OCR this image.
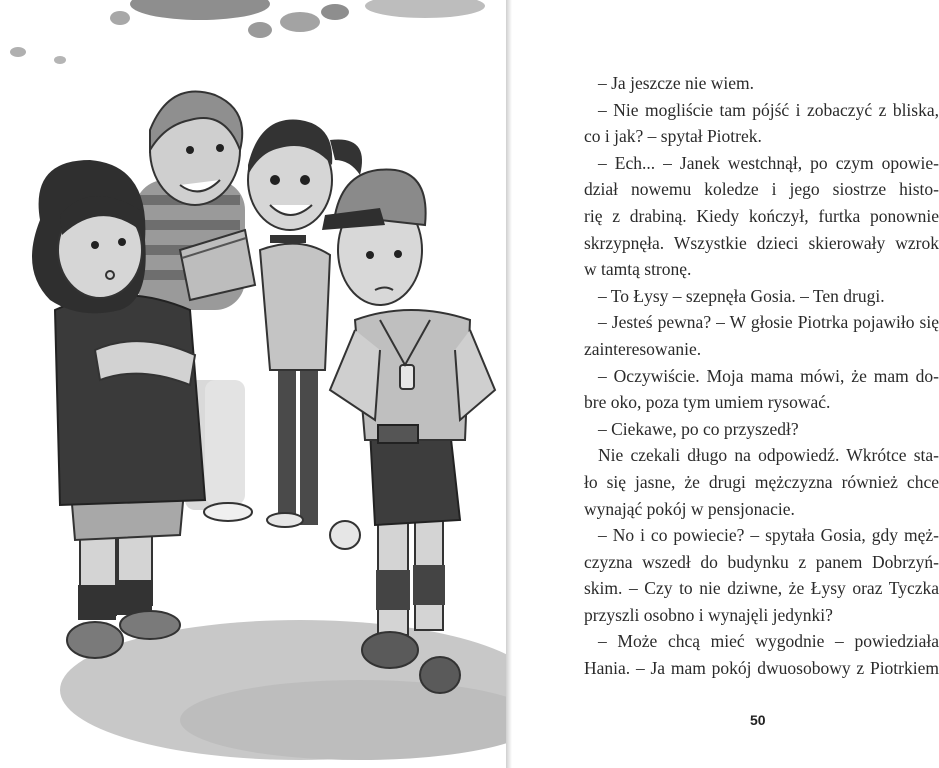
– Ja jeszcze nie wiem.
– Nie mogliście tam pójść i zobaczyć z bliska,
co i jak? – spytał Piotrek.
– Ech... – Janek westchnął, po czym opowie-
dział nowemu koledze i jego siostrze histo-
rię z drabiną. Kiedy kończył, furtka ponownie
skrzypnęła. Wszystkie dzieci skierowały wzrok
w tamtą stronę.
– To Łysy – szepnęła Gosia. – Ten drugi.
– Jesteś pewna? – W głosie Piotrka pojawiło się
zainteresowanie.
– Oczywiście. Moja mama mówi, że mam do-
bre oko, poza tym umiem rysować.
– Ciekawe, po co przyszedł?
Nie czekali długo na odpowiedź. Wkrótce sta-
ło się jasne, że drugi mężczyzna również chce
wynająć pokój w pensjonacie.
– No i co powiecie? – spytała Gosia, gdy męż-
czyzna wszedł do budynku z panem Dobrzyń-
skim. – Czy to nie dziwne, że Łysy oraz Tyczka
przyszli osobno i wynajęli jedynki?
– Może chcą mieć wygodnie – powiedziała
Hania. – Ja mam pokój dwuosobowy z Piotrkiem
50
